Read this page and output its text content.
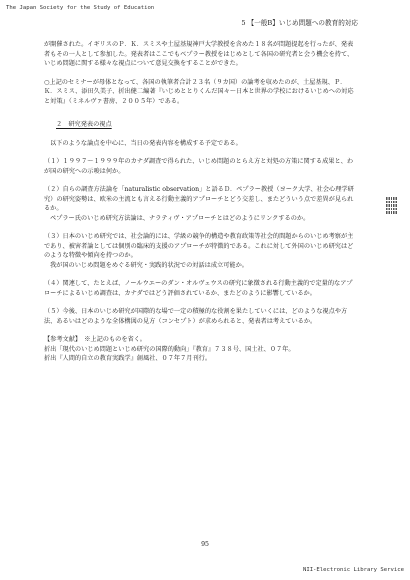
The Japan Society for the Study of Education
5 【一般B】いじめ問題への教育的対応

が開催された。イギリスのＰ．Ｋ．スミスや土屋基規神戸大学教授を含めた１８名が問題提起を行ったが、発表者もその一人として参加した。発表者はここでもベプラー教授をはじめとして各国の研究者と会う機会を持て、いじめ問題に関する様々な視点について意見交換をすることができた。

○上記のセミナーが母体となって、各国の執筆者合計２３名（９カ国）の論考を収めたのが、土屋基規、Ｐ．Ｋ．スミス、添田久美子、折出健二編著『いじめととりくんだ国々～日本と世界の学校におけるいじめへの対応と対策』（ミネルヴァ書房、２００５年）である。

２　研究発表の視点

以下のような論点を中心に、当日の発表内容を構成する予定である。

（１）１９９７～１９９９年のカナダ調査で得られた、いじめ問題のとらえ方と対処の方策に関する成果と、わが国の研究への示唆は何か。

（２）自らの調査方法論を「naturalistic observation」と語るＤ．ペプラー教授（ヨーク大学、社会心理学研究）の研究姿勢は、欧米の主流とも言える行動主義的アプローチとどう交差し、またどういう点で差異が見られるか。

ペプラー氏のいじめ研究方法論は、ナラティヴ・アプローチとはどのようにリンクするのか。

（３）日本のいじめ研究では、社会論的には、学級の競争的構造や教育政策等社会的間題からのいじめ考察が主であり、被害者論としては個別の臨床的支援のアプローチが特徴的である。これに対して外国のいじめ研究はどのような特徴や傾向を持つのか。

我が国のいじめ問題をめぐる研究・実践的状況での対話は成立可能か。

（４）関連して、たとえば、ノールウエーのダン・オルヴェウスの研究に象徴される行動主義的で定量的なアプローチによるいじめ調査は、カナダではどう評価されているか、またどのように影響しているか。

（５）今後、日本のいじめ研究が国際的な場で一定の積極的な役割を果たしていくには、どのような視点や方法、あるいはどのような全体構図の見方（コンセプト）が求められると、発表者は考えているか。

【参考文献】　※上記のものを省く。

折出「現代のいじめ問題といじめ研究の国際的動向」『教育』７３８号、国土社、０７年。

折出『人間的自立の教育実践学』創風社、０７年７月刊行。

95
NII-Electronic Library Service
